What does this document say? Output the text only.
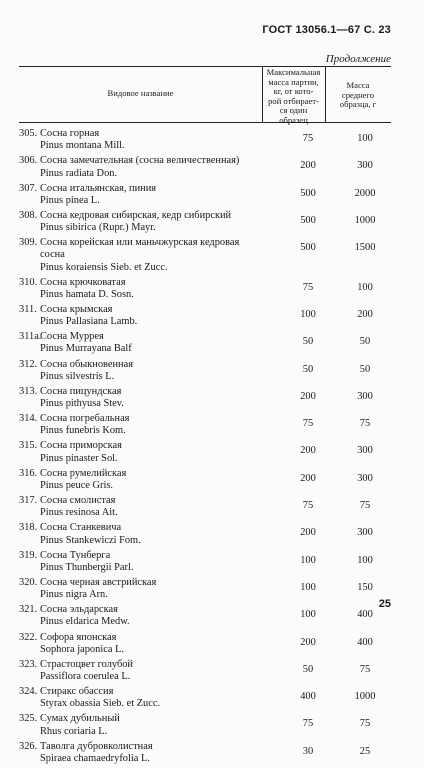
ГОСТ 13056.1—67 С. 23
Продолжение
Видовое название
Максимальная
масса партии,
кг, от кото-
рой отбирает-
ся один
образец
Масса
среднего
образца, г
305. Сосна горная
Pinus montana Mill.
75	100
306. Сосна замечательная (сосна величественная)
Pinus radiata Don.
200	300
307. Сосна итальянская, пиния
Pinus pinea L.
500	2000
308. Сосна кедровая сибирская, кедр сибирский
Pinus sibirica (Rupr.) Mayr.
500	1000
309. Сосна корейская или маньчжурская кедровая
сосна
Pinus koraiensis Sieb. et Zucc.
500	1500
310. Сосна крючковатая
Pinus hamata D. Sosn.
75	100
311. Сосна крымская
Pinus Pallasiana Lamb.
100	200
311а.Сосна Муррея
Pinus Murrayana Balf
50	50
312. Сосна обыкновенная
Pinus silvestris L.
50	50
313. Сосна пицундская
Pinus pithyusa Stev.
200	300
314. Сосна погребальная
Pinus funebris Kom.
75	75
315. Сосна приморская
Pinus pinaster Sol.
200	300
316. Сосна румелийская
Pinus peuce Gris.
200	300
317. Сосна смолистая
Pinus resinosa Ait.
75	75
318. Сосна Станкевича
Pinus Stankewiczi Fom.
200	300
319. Сосна Тунберга
Pinus Thunbergii Parl.
100	100
320. Сосна черная австрийская
Pinus nigra Arn.
100	150
321. Сосна эльдарская
Pinus eldarica Medw.
100	400
322. Софора японская
Sophora japonica L.
200	400
323. Страстоцвет голубой
Passiflora coerulea L.
50	75
324. Стиракс обассия
Styrax obassia Sieb. et Zucc.
400	1000
325. Сумах дубильный
Rhus coriaria L.
75	75
326. Таволга дубровколистная
Spiraea chamaedryfolia L.
30	25
25
